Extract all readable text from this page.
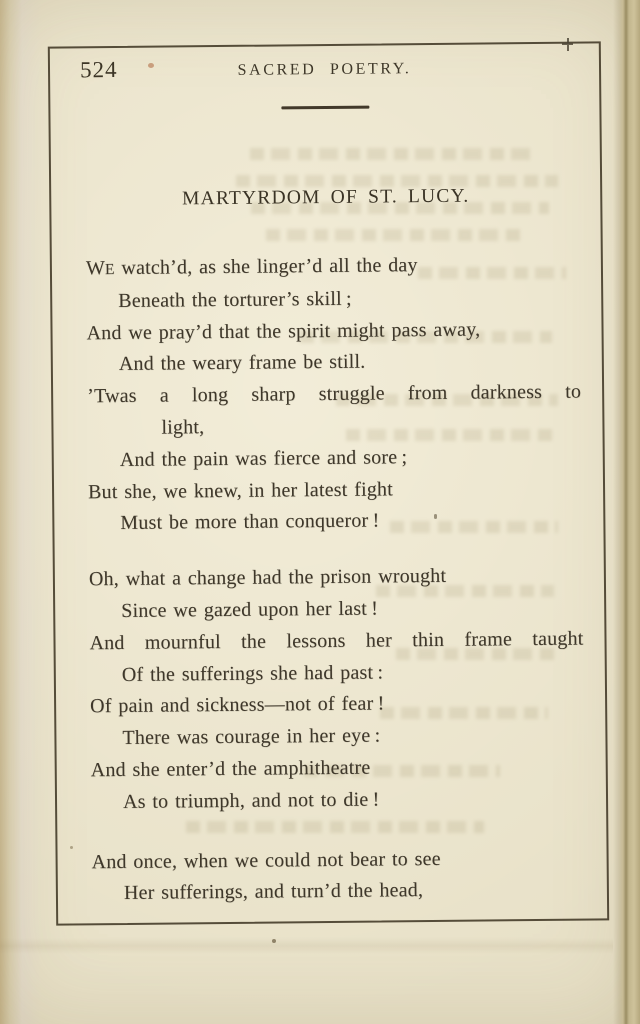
524	SACRED POETRY.
MARTYRDOM OF ST. LUCY.
WE watch’d, as she linger’d all the day
Beneath the torturer’s skill ;
And we pray’d that the spirit might pass away,
And the weary frame be still.
’Twas a long sharp struggle from darkness to
light,
And the pain was fierce and sore ;
But she, we knew, in her latest fight
Must be more than conqueror !
Oh, what a change had the prison wrought
Since we gazed upon her last !
And mournful the lessons her thin frame taught
Of the sufferings she had past :
Of pain and sickness—not of fear !
There was courage in her eye :
And she enter’d the amphitheatre
As to triumph, and not to die !
And once, when we could not bear to see
Her sufferings, and turn’d the head,
